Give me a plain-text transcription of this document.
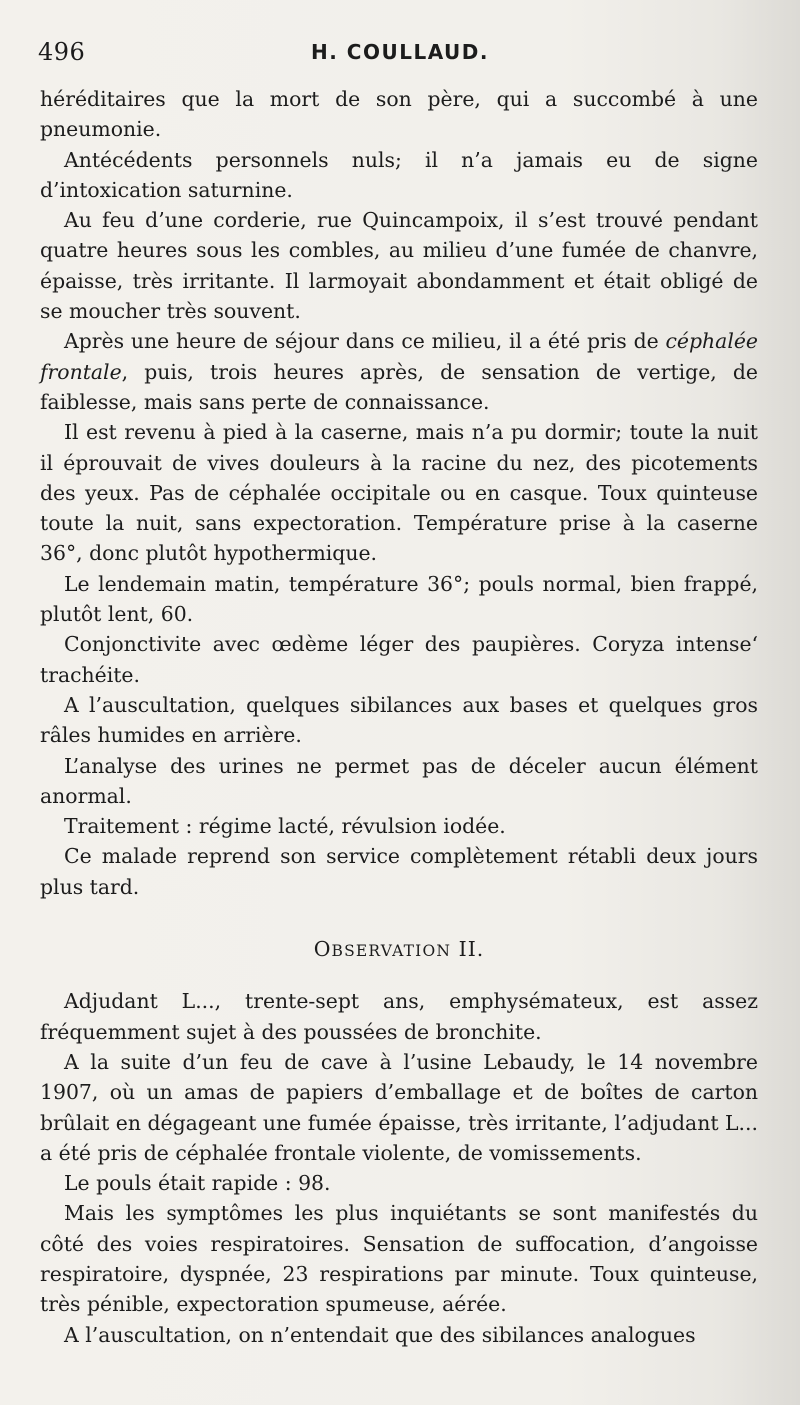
496	H. COULLAUD.

héréditaires que la mort de son père, qui a succombé à une pneumonie.

Antécédents personnels nuls; il n’a jamais eu de signe d’intoxication saturnine.

Au feu d’une corderie, rue Quincampoix, il s’est trouvé pendant quatre heures sous les combles, au milieu d’une fumée de chanvre, épaisse, très irritante. Il larmoyait abondamment et était obligé de se moucher très souvent.

Après une heure de séjour dans ce milieu, il a été pris de céphalée frontale, puis, trois heures après, de sensation de vertige, de faiblesse, mais sans perte de connaissance.

Il est revenu à pied à la caserne, mais n’a pu dormir; toute la nuit il éprouvait de vives douleurs à la racine du nez, des picotements des yeux. Pas de céphalée occipitale ou en casque. Toux quinteuse toute la nuit, sans expectoration. Température prise à la caserne 36°, donc plutôt hypothermique.

Le lendemain matin, température 36°; pouls normal, bien frappé, plutôt lent, 60.

Conjonctivite avec œdème léger des paupières. Coryza intense‘ trachéite.

A l’auscultation, quelques sibilances aux bases et quelques gros râles humides en arrière.

L’analyse des urines ne permet pas de déceler aucun élément anormal.

Traitement : régime lacté, révulsion iodée.

Ce malade reprend son service complètement rétabli deux jours plus tard.

OBSERVATION II.

Adjudant L..., trente-sept ans, emphysémateux, est assez fréquemment sujet à des poussées de bronchite.

A la suite d’un feu de cave à l’usine Lebaudy, le 14 novembre 1907, où un amas de papiers d’emballage et de boîtes de carton brûlait en dégageant une fumée épaisse, très irritante, l’adjudant L... a été pris de céphalée frontale violente, de vomissements.

Le pouls était rapide : 98.

Mais les symptômes les plus inquiétants se sont manifestés du côté des voies respiratoires. Sensation de suffocation, d’angoisse respiratoire, dyspnée, 23 respirations par minute. Toux quinteuse, très pénible, expectoration spumeuse, aérée.

A l’auscultation, on n’entendait que des sibilances analogues
